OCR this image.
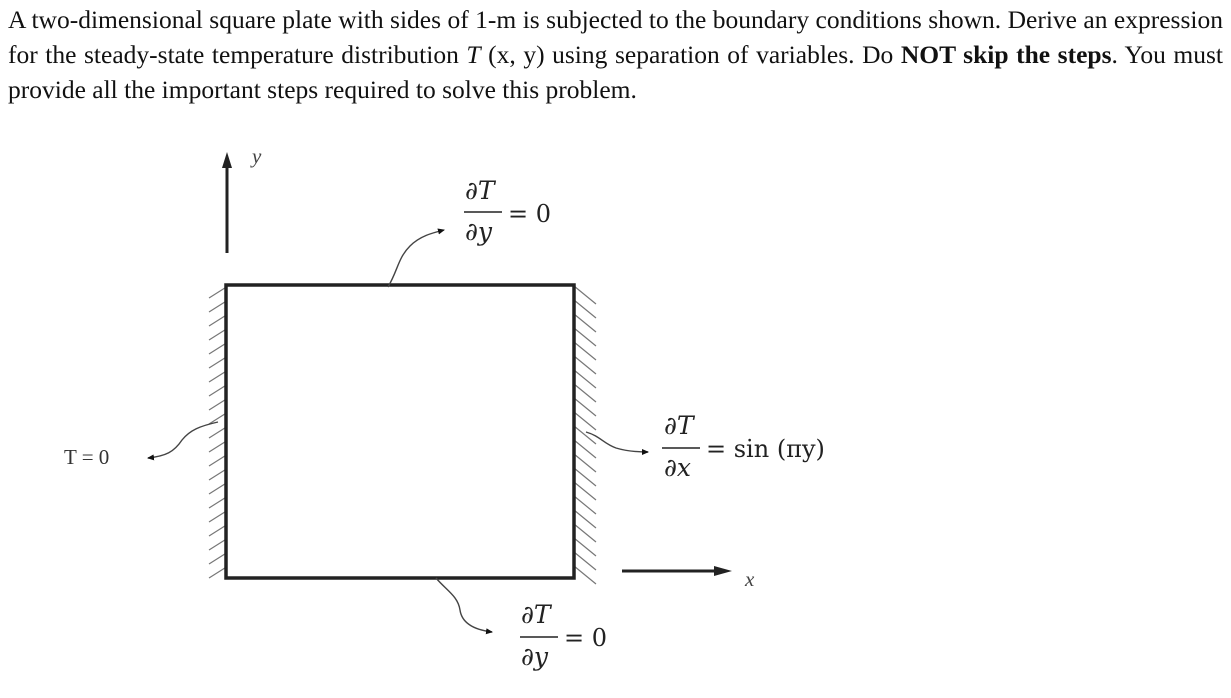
A two-dimensional square plate with sides of 1-m is subjected to the boundary conditions shown. Derive an expression for the steady-state temperature distribution T (x, y) using separation of variables. Do NOT skip the steps. You must provide all the important steps required to solve this problem.
y
x
∂T
∂y
= 0
∂T
∂y
= 0
∂T
∂x
= sin (πy)
T = 0
